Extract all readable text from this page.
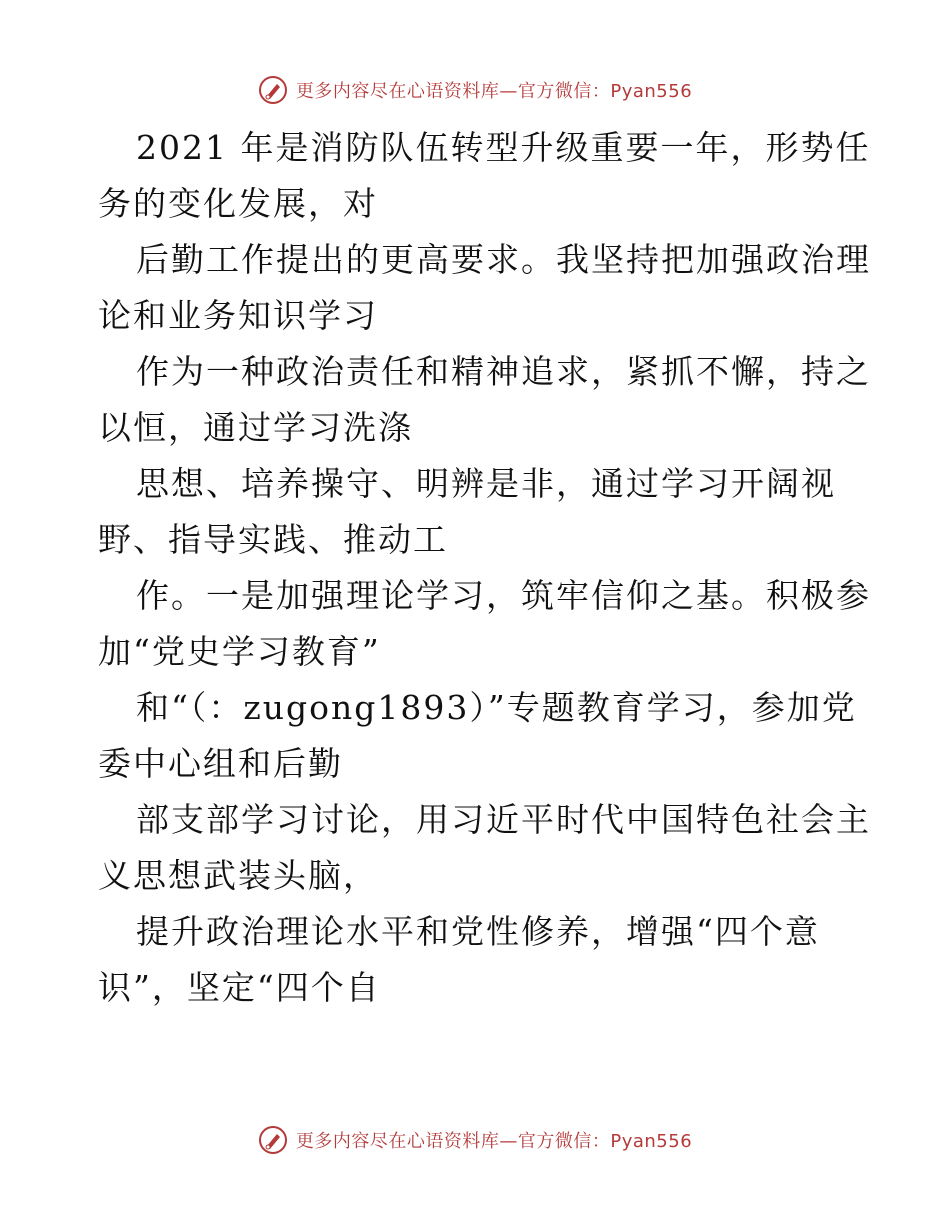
更多内容尽在心语资料库—官方微信：Pyan556

2021 年是消防队伍转型升级重要一年，形势任

务的变化发展，对

后勤工作提出的更高要求。我坚持把加强政治理

论和业务知识学习

作为一种政治责任和精神追求，紧抓不懈，持之

以恒，通过学习洗涤

思想、培养操守、明辨是非，通过学习开阔视

野、指导实践、推动工

作。一是加强理论学习，筑牢信仰之基。积极参

加“党史学习教育”

和“（：zugong1893）”专题教育学习，参加党

委中心组和后勤

部支部学习讨论，用习近平时代中国特色社会主

义思想武装头脑，

提升政治理论水平和党性修养，增强“四个意

识”，坚定“四个自

更多内容尽在心语资料库—官方微信：Pyan556
